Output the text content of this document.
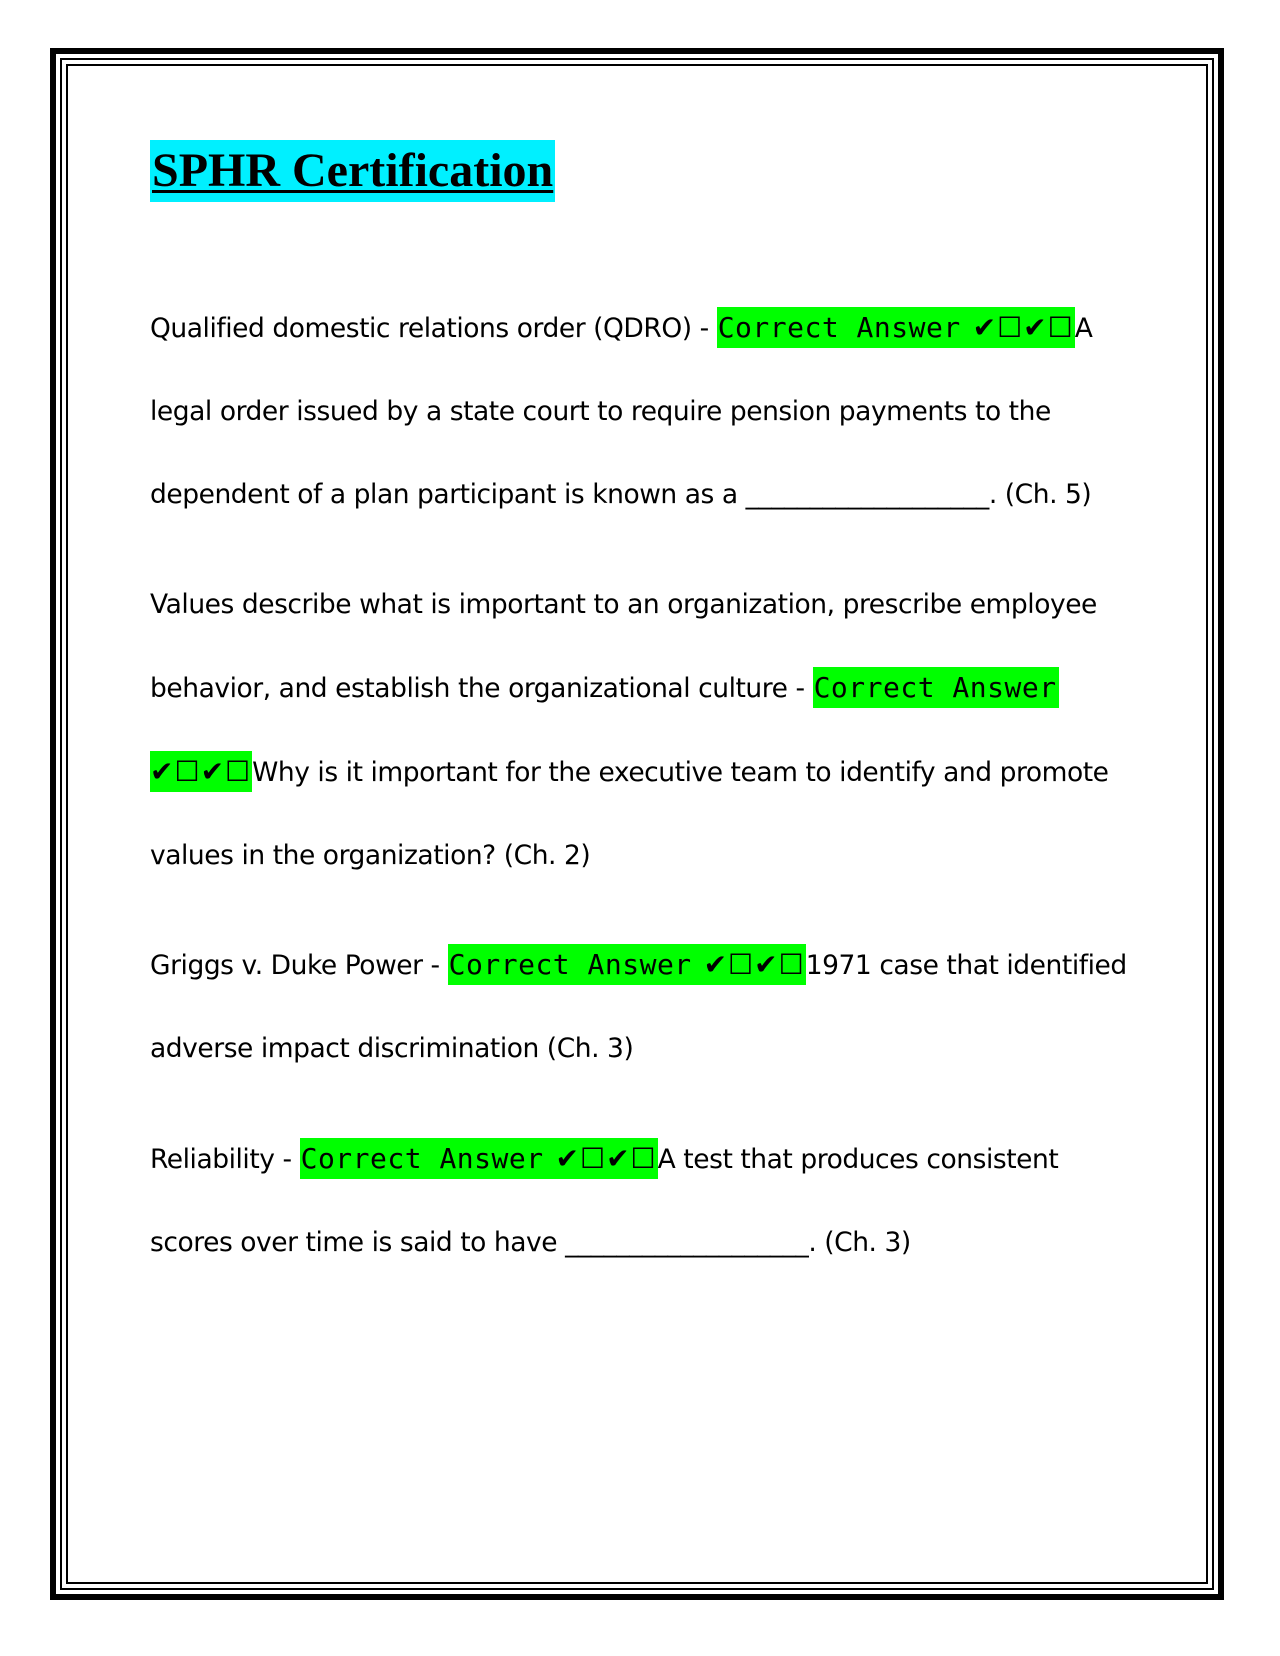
SPHR Certification

Qualified domestic relations order (QDRO) - Correct Answer ✔☐✔☐A legal order issued by a state court to require pension payments to the dependent of a plan participant is known as a ___________________. (Ch. 5)

Values describe what is important to an organization, prescribe employee behavior, and establish the organizational culture - Correct Answer ✔☐✔☐Why is it important for the executive team to identify and promote values in the organization? (Ch. 2)

Griggs v. Duke Power - Correct Answer ✔☐✔☐1971 case that identified adverse impact discrimination (Ch. 3)

Reliability - Correct Answer ✔☐✔☐A test that produces consistent scores over time is said to have ___________________. (Ch. 3)
